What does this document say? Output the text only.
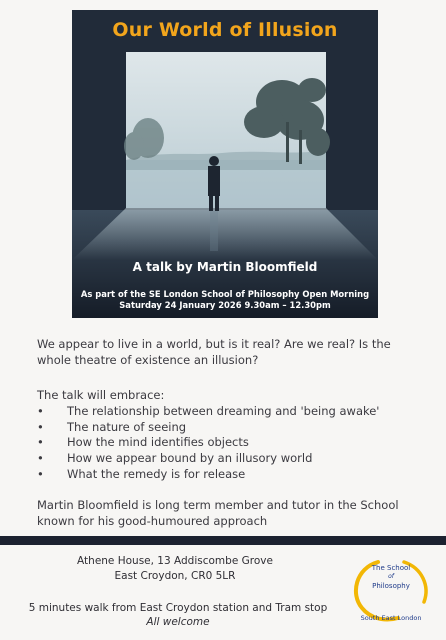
Our World of Illusion

A talk by Martin Bloomfield

As part of the SE London School of Philosophy Open Morning
Saturday 24 January 2026 9.30am – 12.30pm

We appear to live in a world, but is it real? Are we real? Is the whole theatre of existence an illusion?

The talk will embrace:

• The relationship between dreaming and 'being awake'
• The nature of seeing
• How the mind identifies objects
• How we appear bound by an illusory world
• What the remedy is for release

Martin Bloomfield is long term member and tutor in the School known for his good-humoured approach

Athene House, 13 Addiscombe Grove

East Croydon, CR0 5LR

5 minutes walk from East Croydon station and Tram stop

All welcome

The School

of

Philosophy

South East London
